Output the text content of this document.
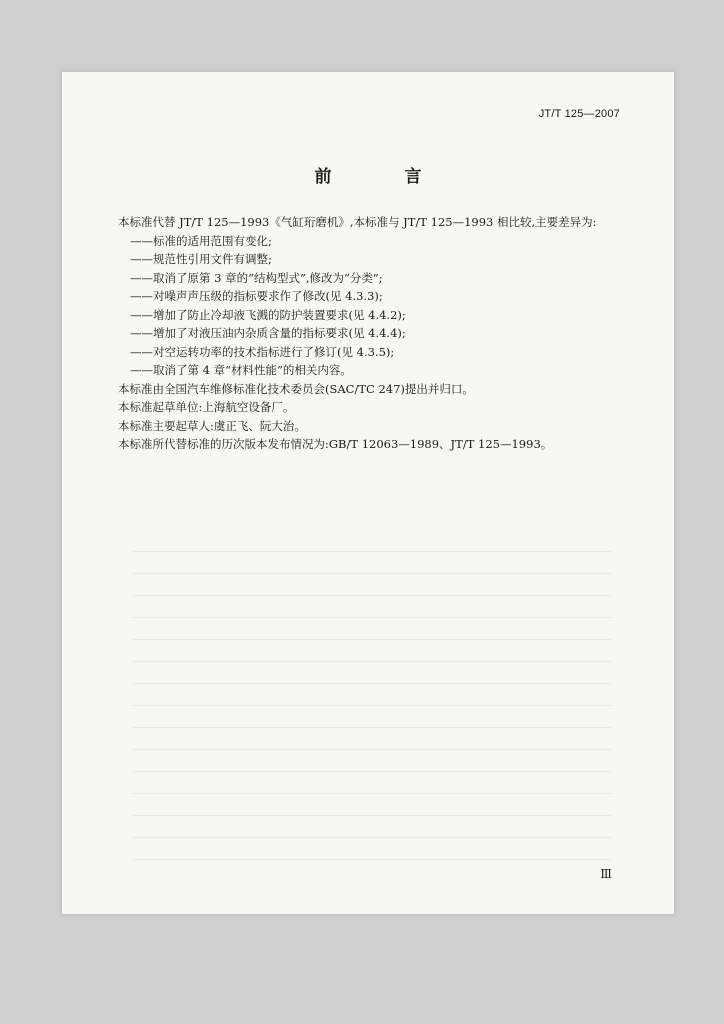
JT/T 125—2007
前　言

本标准代替 JT/T 125—1993《气缸珩磨机》,本标准与 JT/T 125—1993 相比较,主要差异为:

——标准的适用范围有变化;

——规范性引用文件有调整;

——取消了原第 3 章的“结构型式”,修改为“分类”;

——对噪声声压级的指标要求作了修改(见 4.3.3);

——增加了防止冷却液飞溅的防护装置要求(见 4.4.2);

——增加了对液压油内杂质含量的指标要求(见 4.4.4);

——对空运转功率的技术指标进行了修订(见 4.3.5);

——取消了第 4 章“材料性能”的相关内容。

本标准由全国汽车维修标准化技术委员会(SAC/TC 247)提出并归口。

本标准起草单位:上海航空设备厂。

本标准主要起草人:虞正飞、阮大治。

本标准所代替标准的历次版本发布情况为:GB/T 12063—1989、JT/T 125—1993。

Ⅲ
